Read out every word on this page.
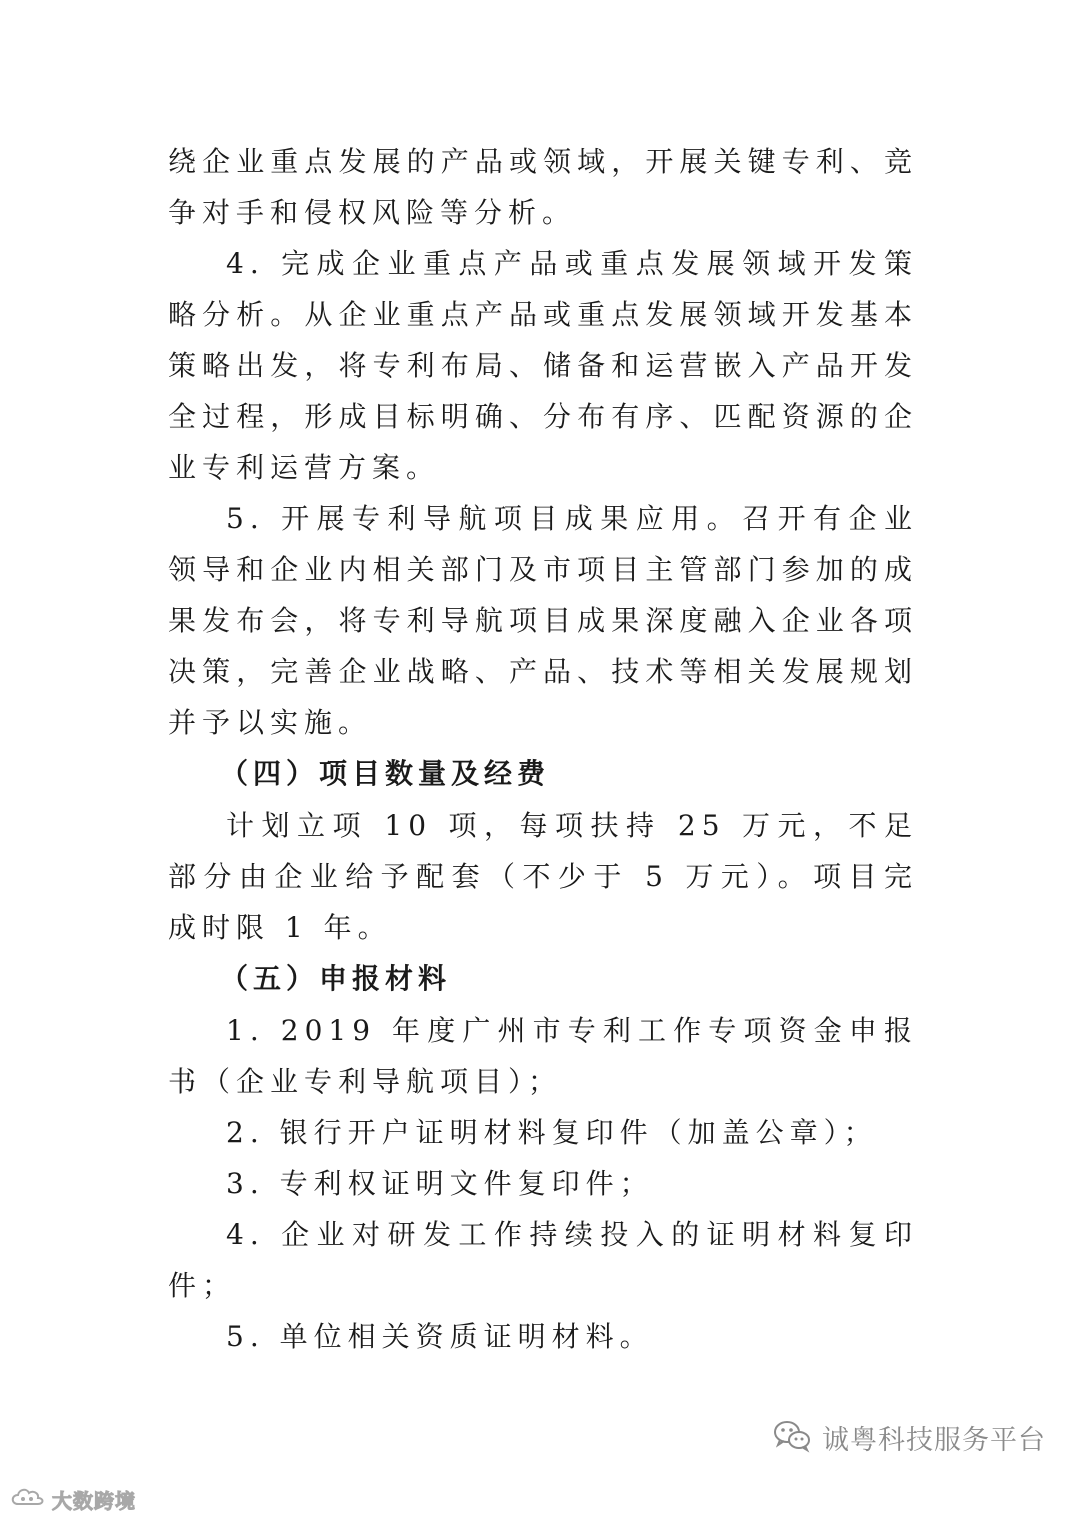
绕企业重点发展的产品或领域，开展关键专利、竞争对手和侵权风险等分析。

4. 完成企业重点产品或重点发展领域开发策略分析。从企业重点产品或重点发展领域开发基本策略出发，将专利布局、储备和运营嵌入产品开发全过程，形成目标明确、分布有序、匹配资源的企业专利运营方案。

5. 开展专利导航项目成果应用。召开有企业领导和企业内相关部门及市项目主管部门参加的成果发布会，将专利导航项目成果深度融入企业各项决策，完善企业战略、产品、技术等相关发展规划并予以实施。

（四）项目数量及经费

计划立项 10 项，每项扶持 25 万元，不足部分由企业给予配套（不少于 5 万元）。项目完成时限 1 年。

（五）申报材料

1. 2019 年度广州市专利工作专项资金申报书（企业专利导航项目）；

2. 银行开户证明材料复印件（加盖公章）；

3. 专利权证明文件复印件；

4. 企业对研发工作持续投入的证明材料复印件；

5. 单位相关资质证明材料。

大数跨境
诚粤科技服务平台
